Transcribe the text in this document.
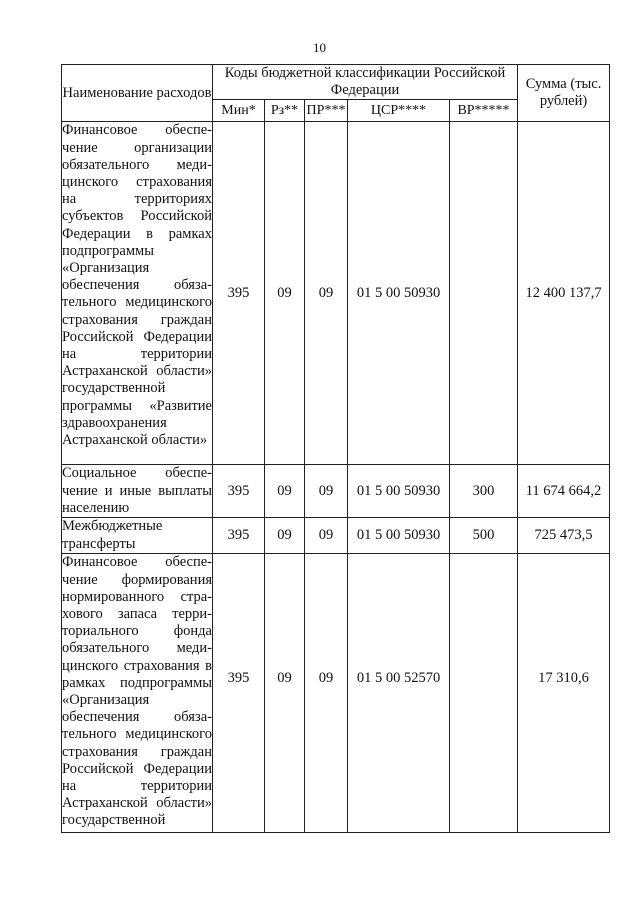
10
Наименование расходов	Коды бюджетной классификации Российской Федерации					Сумма (тыс. рублей)
	Мин*	Рз**	ПР***	ЦСР****	ВР*****	
Финансовое обеспечение организации обязательного медицинского страхования на территориях субъектов Российской Федерации в рамках подпрограммы «Организация обеспечения обязательного медицинского страхования граждан Российской Федерации на территории Астраханской области» государственной программы «Развитие здравоохранения Астраханской области»	395	09	09	01 5 00 50930		12 400 137,7
Социальное обеспечение и иные выплаты населению	395	09	09	01 5 00 50930	300	11 674 664,2
Межбюджетные трансферты	395	09	09	01 5 00 50930	500	725 473,5
Финансовое обеспечение формирования нормированного страхового запаса территориального фонда обязательного медицинского страхования в рамках подпрограммы «Организация обеспечения обязательного медицинского страхования граждан Российской Федерации на территории Астраханской области» государственной	395	09	09	01 5 00 52570		17 310,6
